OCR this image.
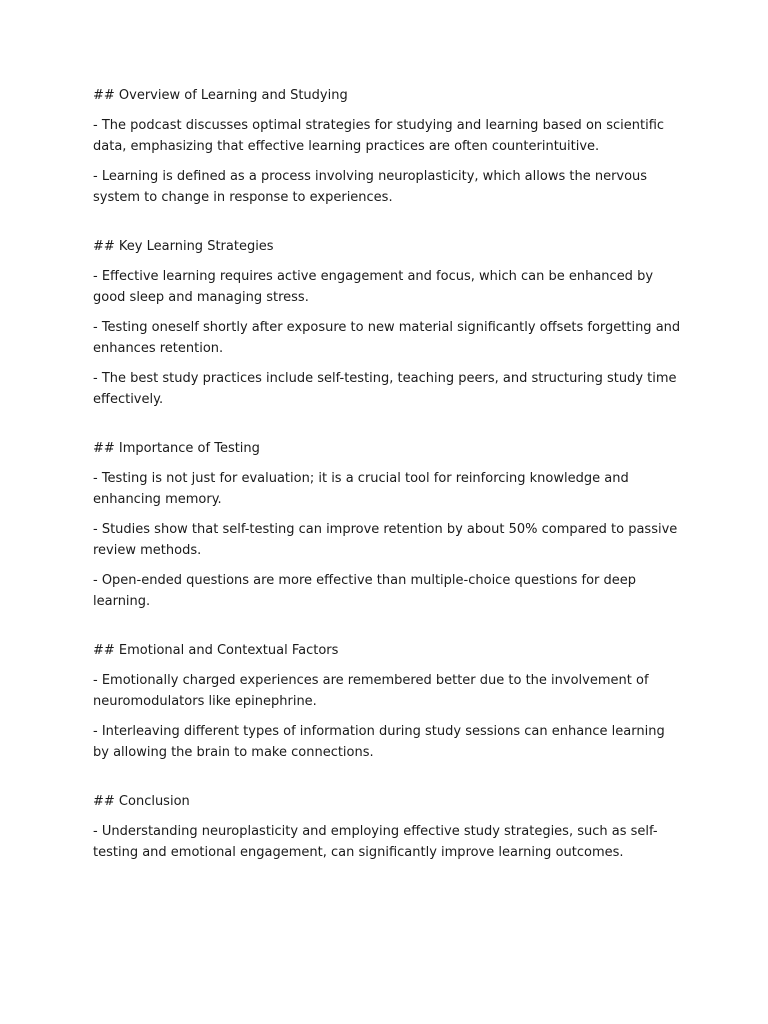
## Overview of Learning and Studying
- The podcast discusses optimal strategies for studying and learning based on scientific data, emphasizing that effective learning practices are often counterintuitive.
- Learning is defined as a process involving neuroplasticity, which allows the nervous system to change in response to experiences.
## Key Learning Strategies
- Effective learning requires active engagement and focus, which can be enhanced by good sleep and managing stress.
- Testing oneself shortly after exposure to new material significantly offsets forgetting and enhances retention.
- The best study practices include self-testing, teaching peers, and structuring study time effectively.
## Importance of Testing
- Testing is not just for evaluation; it is a crucial tool for reinforcing knowledge and enhancing memory.
- Studies show that self-testing can improve retention by about 50% compared to passive review methods.
- Open-ended questions are more effective than multiple-choice questions for deep learning.
## Emotional and Contextual Factors
- Emotionally charged experiences are remembered better due to the involvement of neuromodulators like epinephrine.
- Interleaving different types of information during study sessions can enhance learning by allowing the brain to make connections.
## Conclusion
- Understanding neuroplasticity and employing effective study strategies, such as self-testing and emotional engagement, can significantly improve learning outcomes.
